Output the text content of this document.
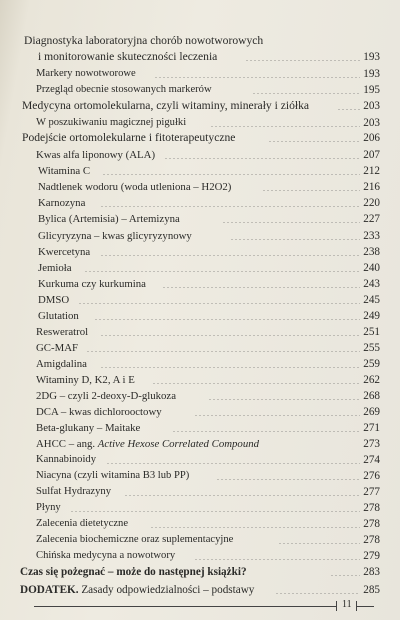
Diagnostyka laboratoryjna chorób nowotworowych
i monitorowanie skuteczności leczenia	193
Markery nowotworowe	193
Przegląd obecnie stosowanych markerów	195
Medycyna ortomolekularna, czyli witaminy, minerały i ziółka	203
W poszukiwaniu magicznej pigułki	203
Podejście ortomolekularne i fitoterapeutyczne	206
Kwas alfa liponowy (ALA)	207
Witamina C	212
Nadtlenek wodoru (woda utleniona – H2O2)	216
Karnozyna	220
Bylica (Artemisia) – Artemizyna	227
Glicyryzyna – kwas glicyryzynowy	233
Kwercetyna	238
Jemioła	240
Kurkuma czy kurkumina	243
DMSO	245
Glutation	249
Resweratrol	251
GC-MAF	255
Amigdalina	259
Witaminy D, K2, A i E	262
2DG – czyli 2-deoxy-D-glukoza	268
DCA – kwas dichlorooctowy	269
Beta-glukany – Maitake	271
AHCC – ang. Active Hexose Correlated Compound	273
Kannabinoidy	274
Niacyna (czyli witamina B3 lub PP)	276
Sulfat Hydrazyny	277
Płyny	278
Zalecenia dietetyczne	278
Zalecenia biochemiczne oraz suplementacyjne	278
Chińska medycyna a nowotwory	279
Czas się pożegnać – może do następnej książki?	283
DODATEK. Zasady odpowiedzialności – podstawy	285
11
